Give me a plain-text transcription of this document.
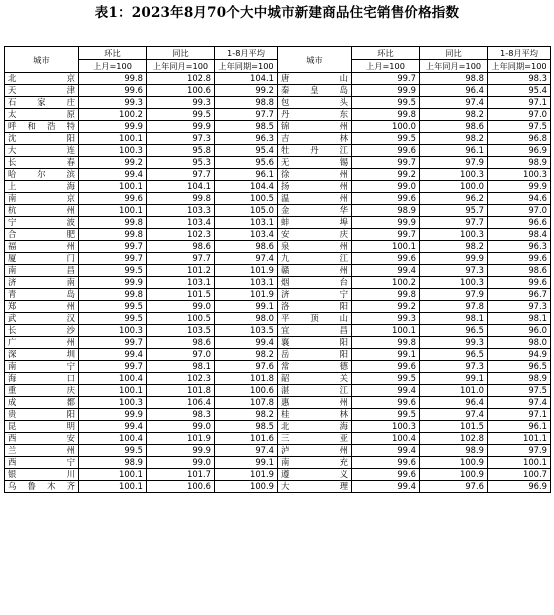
表1：2023年8月70个大中城市新建商品住宅销售价格指数
城市	环比	同比	1-8月平均	城市	环比	同比	1-8月平均
	上月=100	上年同月=100	上年同期=100		上月=100	上年同月=100	上年同期=100
北京	99.8	102.8	104.1	唐山	99.7	98.8	98.3
天津	99.6	100.6	99.2	秦皇岛	99.9	96.4	95.4
石家庄	99.3	99.3	98.8	包头	99.5	97.4	97.1
太原	100.2	99.5	97.7	丹东	99.8	98.2	97.0
呼和浩特	99.9	99.9	98.5	锦州	100.0	98.6	97.5
沈阳	100.1	97.3	96.3	吉林	99.5	98.2	96.8
大连	100.3	95.8	95.4	牡丹江	99.6	96.1	96.9
长春	99.2	95.3	95.6	无锡	99.7	97.9	98.9
哈尔滨	99.4	97.7	96.1	徐州	99.2	100.3	100.3
上海	100.1	104.1	104.4	扬州	99.0	100.0	99.9
南京	99.6	99.8	100.5	温州	99.6	96.2	94.6
杭州	100.1	103.3	105.0	金华	98.9	95.7	97.0
宁波	99.8	103.4	103.1	蚌埠	99.9	97.7	96.6
合肥	99.8	102.3	103.4	安庆	99.7	100.3	98.4
福州	99.7	98.6	98.6	泉州	100.1	98.2	96.3
厦门	99.7	97.7	97.4	九江	99.6	99.9	99.6
南昌	99.5	101.2	101.9	赣州	99.4	97.3	98.6
济南	99.9	103.1	103.1	烟台	100.2	100.3	99.6
青岛	99.8	101.5	101.9	济宁	99.8	97.9	96.7
郑州	99.5	99.0	99.1	洛阳	99.2	97.8	97.3
武汉	99.5	100.5	98.0	平顶山	99.3	98.1	98.1
长沙	100.3	103.5	103.5	宜昌	100.1	96.5	96.0
广州	99.7	98.6	99.4	襄阳	99.8	99.3	98.0
深圳	99.4	97.0	98.2	岳阳	99.1	96.5	94.9
南宁	99.7	98.1	97.6	常德	99.6	97.3	96.5
海口	100.4	102.3	101.8	韶关	99.5	99.1	98.9
重庆	100.1	101.8	100.6	湛江	99.4	101.0	97.5
成都	100.3	106.4	107.8	惠州	99.6	96.4	97.4
贵阳	99.9	98.3	98.2	桂林	99.5	97.4	97.1
昆明	99.4	99.0	98.5	北海	100.3	101.5	96.1
西安	100.4	101.9	101.6	三亚	100.4	102.8	101.1
兰州	99.5	99.9	97.4	泸州	99.4	98.9	97.9
西宁	98.9	99.0	99.1	南充	99.6	100.9	100.1
银川	100.1	101.7	101.9	遵义	99.6	100.9	100.7
乌鲁木齐	100.1	100.6	100.9	大理	99.4	97.6	96.9
